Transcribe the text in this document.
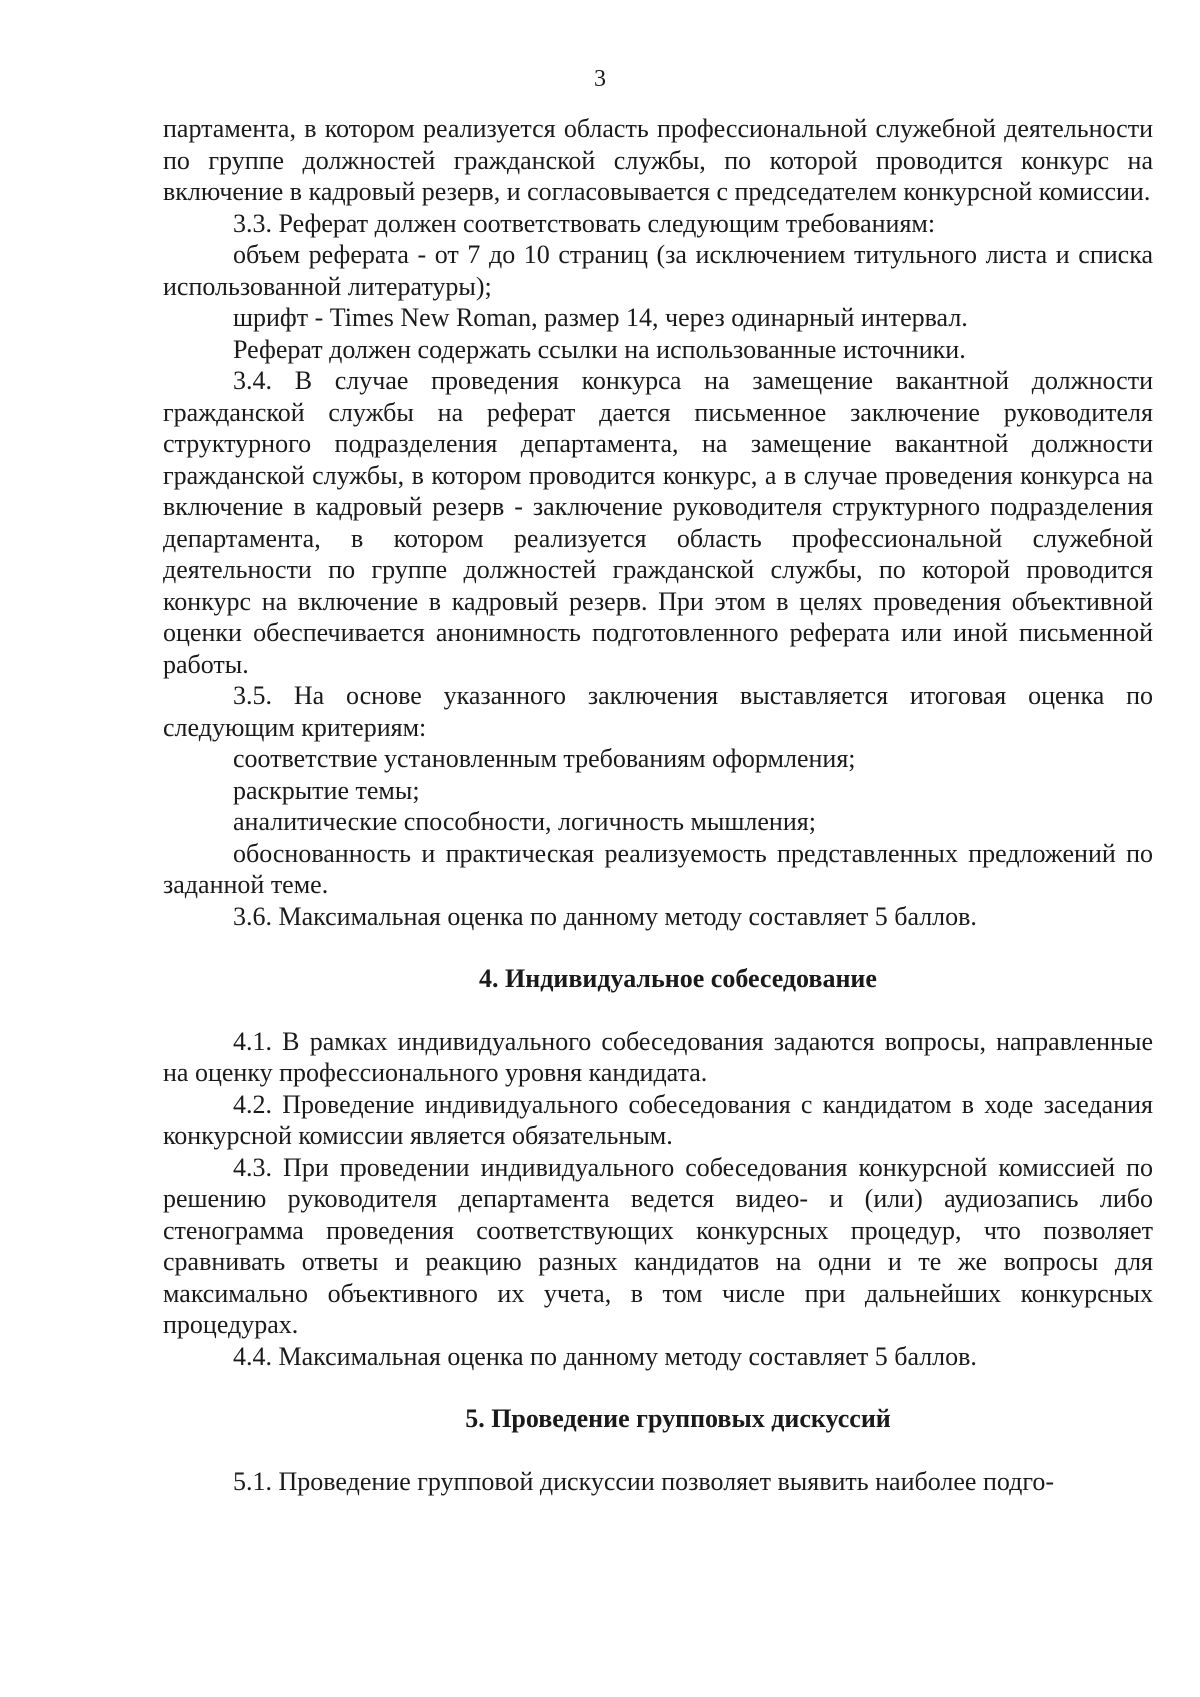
3

партамента, в котором реализуется область профессиональной служебной деятельности по группе должностей гражданской службы, по которой проводится конкурс на включение в кадровый резерв, и согласовывается с председателем конкурсной комиссии.

3.3. Реферат должен соответствовать следующим требованиям:

объем реферата - от 7 до 10 страниц (за исключением титульного листа и списка использованной литературы);

шрифт - Times New Roman, размер 14, через одинарный интервал.

Реферат должен содержать ссылки на использованные источники.

3.4. В случае проведения конкурса на замещение вакантной должности гражданской службы на реферат дается письменное заключение руководителя структурного подразделения департамента, на замещение вакантной должности гражданской службы, в котором проводится конкурс, а в случае проведения конкурса на включение в кадровый резерв - заключение руководителя структурного подразделения департамента, в котором реализуется область профессиональной служебной деятельности по группе должностей гражданской службы, по которой проводится конкурс на включение в кадровый резерв. При этом в целях проведения объективной оценки обеспечивается анонимность подготовленного реферата или иной письменной работы.

3.5. На основе указанного заключения выставляется итоговая оценка по следующим критериям:

соответствие установленным требованиям оформления;

раскрытие темы;

аналитические способности, логичность мышления;

обоснованность и практическая реализуемость представленных предложений по заданной теме.

3.6. Максимальная оценка по данному методу составляет 5 баллов.

4. Индивидуальное собеседование

4.1. В рамках индивидуального собеседования задаются вопросы, направленные на оценку профессионального уровня кандидата.

4.2. Проведение индивидуального собеседования с кандидатом в ходе заседания конкурсной комиссии является обязательным.

4.3. При проведении индивидуального собеседования конкурсной комиссией по решению руководителя департамента ведется видео- и (или) аудиозапись либо стенограмма проведения соответствующих конкурсных процедур, что позволяет сравнивать ответы и реакцию разных кандидатов на одни и те же вопросы для максимально объективного их учета, в том числе при дальнейших конкурсных процедурах.

4.4. Максимальная оценка по данному методу составляет 5 баллов.

5. Проведение групповых дискуссий

5.1. Проведение групповой дискуссии позволяет выявить наиболее подго-
